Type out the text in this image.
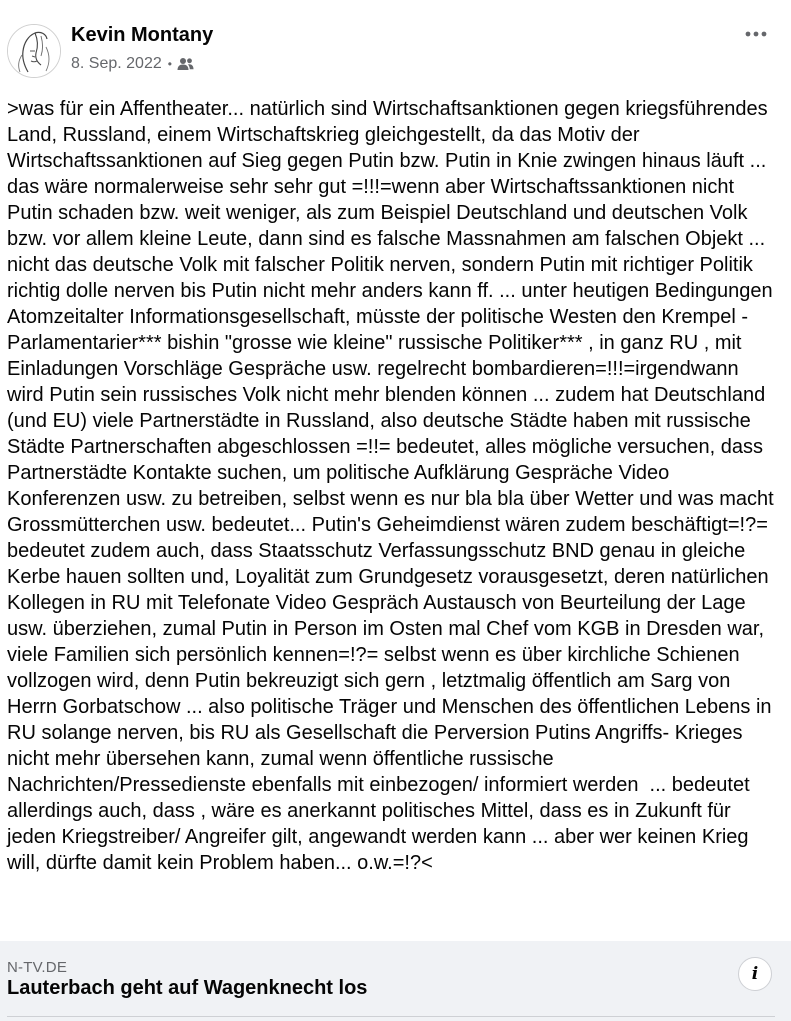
Kevin Montany
8. Sep. 2022 •
>was für ein Affentheater... natürlich sind Wirtschaftsanktionen gegen kriegsführendes Land, Russland, einem Wirtschaftskrieg gleichgestellt, da das Motiv der Wirtschaftssanktionen auf Sieg gegen Putin bzw. Putin in Knie zwingen hinaus läuft ... das wäre normalerweise sehr sehr gut =!!!=wenn aber Wirtschaftssanktionen nicht Putin schaden bzw. weit weniger, als zum Beispiel Deutschland und deutschen Volk bzw. vor allem kleine Leute, dann sind es falsche Massnahmen am falschen Objekt ... nicht das deutsche Volk mit falscher Politik nerven, sondern Putin mit richtiger Politik richtig dolle nerven bis Putin nicht mehr anders kann ff. ... unter heutigen Bedingungen Atomzeitalter Informationsgesellschaft, müsste der politische Westen den Krempel - Parlamentarier*** bishin "grosse wie kleine" russische Politiker*** , in ganz RU , mit Einladungen Vorschläge Gespräche usw. regelrecht bombardieren=!!!=irgendwann wird Putin sein russisches Volk nicht mehr blenden können ... zudem hat Deutschland (und EU) viele Partnerstädte in Russland, also deutsche Städte haben mit russische Städte Partnerschaften abgeschlossen =!!= bedeutet, alles mögliche versuchen, dass Partnerstädte Kontakte suchen, um politische Aufklärung Gespräche Video Konferenzen usw. zu betreiben, selbst wenn es nur bla bla über Wetter und was macht Grossmütterchen usw. bedeutet... Putin's Geheimdienst wären zudem beschäftigt=!?= bedeutet zudem auch, dass Staatsschutz Verfassungsschutz BND genau in gleiche Kerbe hauen sollten und, Loyalität zum Grundgesetz vorausgesetzt, deren natürlichen Kollegen in RU mit Telefonate Video Gespräch Austausch von Beurteilung der Lage usw. überziehen, zumal Putin in Person im Osten mal Chef vom KGB in Dresden war, viele Familien sich persönlich kennen=!?= selbst wenn es über kirchliche Schienen vollzogen wird, denn Putin bekreuzigt sich gern , letztmalig öffentlich am Sarg von Herrn Gorbatschow ... also politische Träger und Menschen des öffentlichen Lebens in RU solange nerven, bis RU als Gesellschaft die Perversion Putins Angriffs- Krieges nicht mehr übersehen kann, zumal wenn öffentliche russische Nachrichten/Pressedienste ebenfalls mit einbezogen/ informiert werden  ... bedeutet allerdings auch, dass , wäre es anerkannt politisches Mittel, dass es in Zukunft für jeden Kriegstreiber/ Angreifer gilt, angewandt werden kann ... aber wer keinen Krieg will, dürfte damit kein Problem haben... o.w.=!?<
N-TV.DE
Lauterbach geht auf Wagenknecht los
i
